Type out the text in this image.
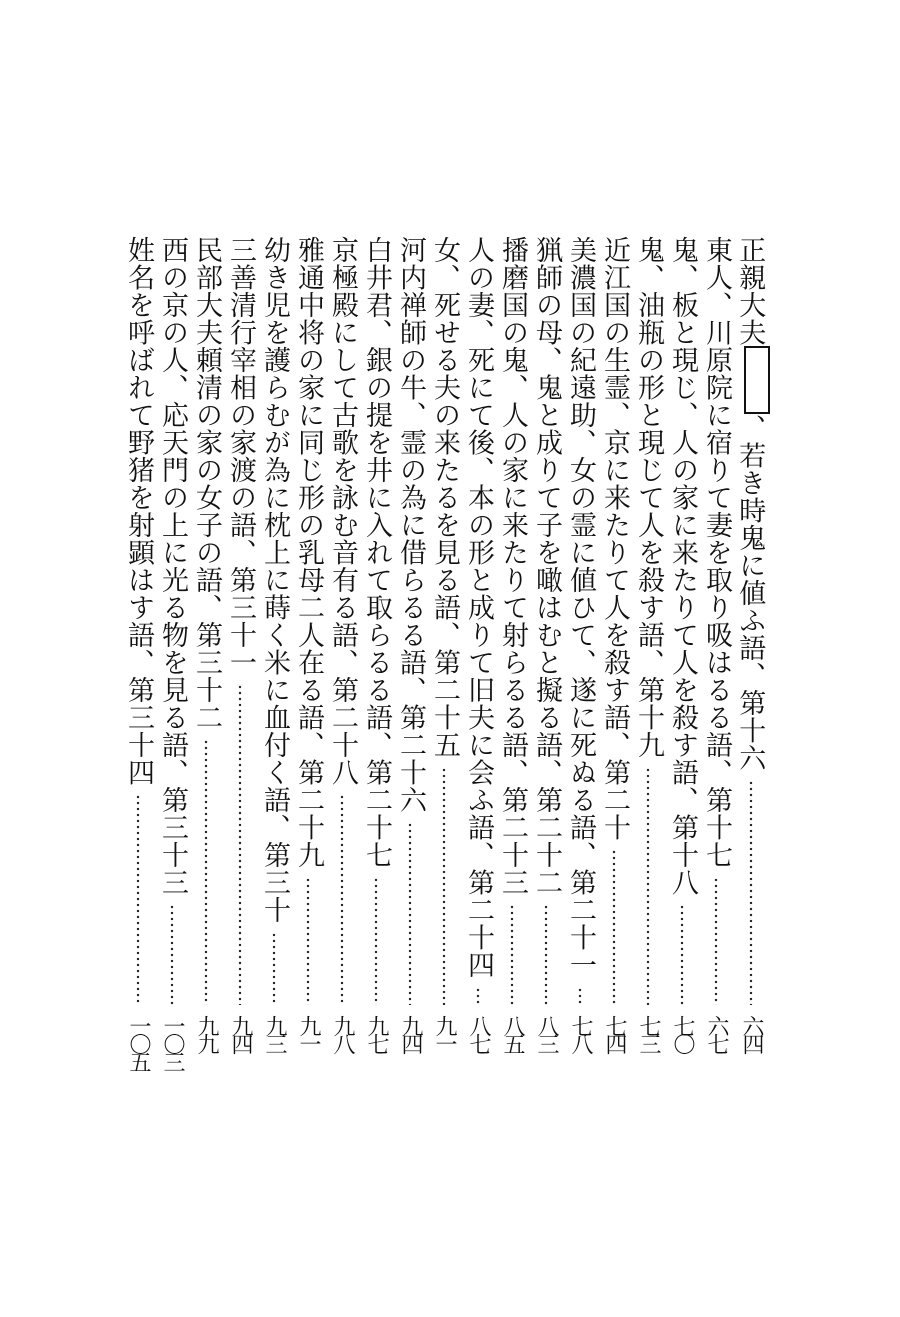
正親大夫、若き時鬼に値ふ語、第十六
六四
東人、川原院に宿りて妻を取り吸はるる語、第十七
六七
鬼、板と現じ、人の家に来たりて人を殺す語、第十八
七〇
鬼、油瓶の形と現じて人を殺す語、第十九
七三
近江国の生霊、京に来たりて人を殺す語、第二十
七四
美濃国の紀遠助、女の霊に値ひて、遂に死ぬる語、第二十一
七八
猟師の母、鬼と成りて子を噉はむと擬る語、第二十二
八三
播磨国の鬼、人の家に来たりて射らるる語、第二十三
八五
人の妻、死にて後、本の形と成りて旧夫に会ふ語、第二十四
八七
女、死せる夫の来たるを見る語、第二十五
九一
河内禅師の牛、霊の為に借らるる語、第二十六
九四
白井君、銀の提を井に入れて取らるる語、第二十七
九七
京極殿にして古歌を詠む音有る語、第二十八
九八
雅通中将の家に同じ形の乳母二人在る語、第二十九
九一
幼き児を護らむが為に枕上に蒔く米に血付く語、第三十
九三
三善清行宰相の家渡の語、第三十一
九四
民部大夫頼清の家の女子の語、第三十二
九九
西の京の人、応天門の上に光る物を見る語、第三十三
一〇三
姓名を呼ばれて野猪を射顕はす語、第三十四
一〇五
